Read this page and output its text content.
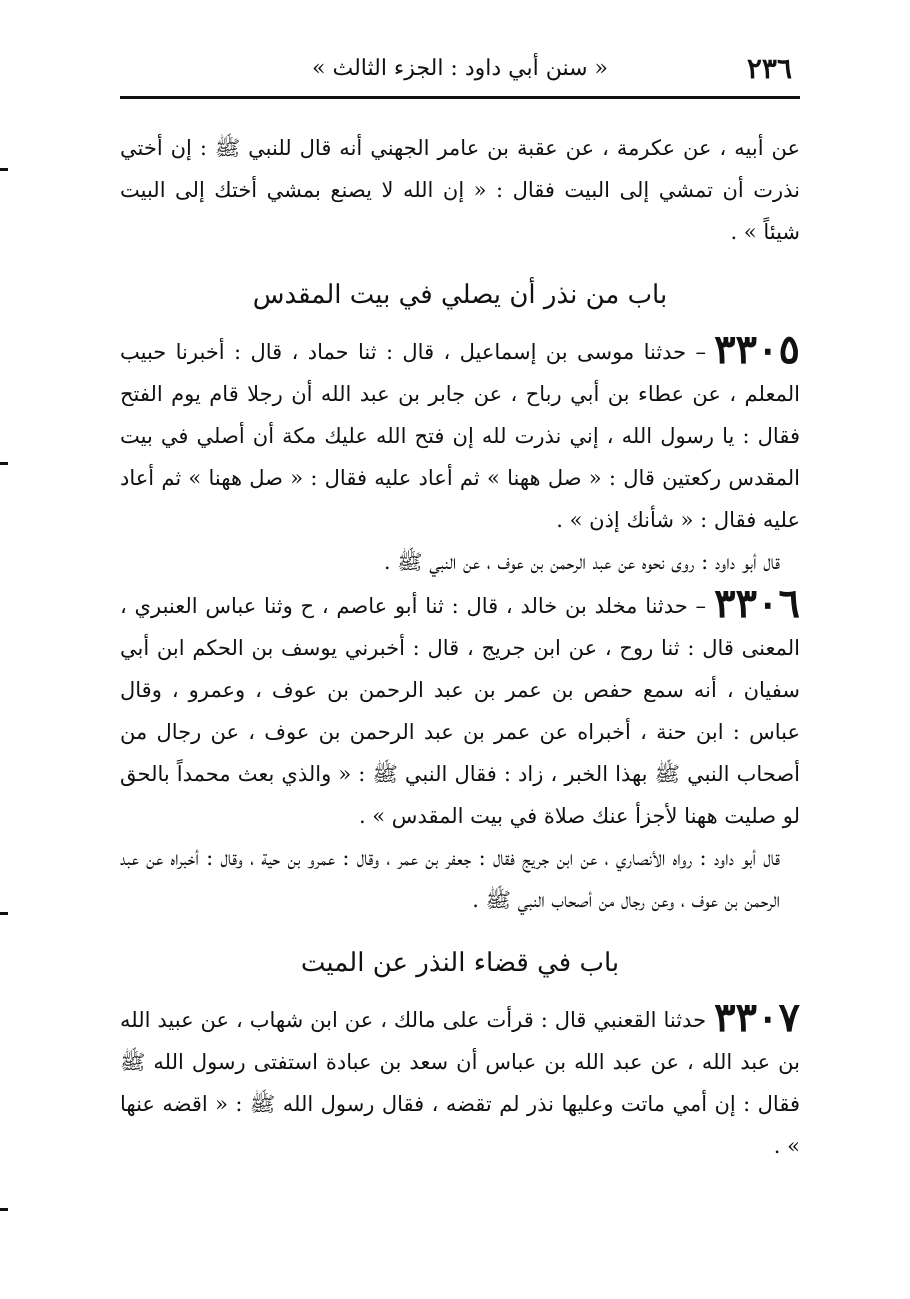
٢٣٦
« سنن أبي داود : الجزء الثالث »

عن أبيه ، عن عكرمة ، عن عقبة بن عامر الجهني أنه قال للنبي ﷺ : إن أختي نذرت أن تمشي إلى البيت فقال : « إن الله لا يصنع بمشي أختك إلى البيت شيئاً » .

باب من نذر أن يصلي في بيت المقدس

٣٣٠٥– حدثنا موسى بن إسماعيل ، قال : ثنا حماد ، قال : أخبرنا حبيب المعلم ، عن عطاء بن أبي رباح ، عن جابر بن عبد الله أن رجلا قام يوم الفتح فقال : يا رسول الله ، إني نذرت لله إن فتح الله عليك مكة أن أصلي في بيت المقدس ركعتين قال : « صل ههنا » ثم أعاد عليه فقال : « صل ههنا » ثم أعاد عليه فقال : « شأنك إذن » .

قال أبو داود : روى نحوه عن عبد الرحمن بن عوف ، عن النبي ﷺ .

٣٣٠٦– حدثنا مخلد بن خالد ، قال : ثنا أبو عاصم ، ح وثنا عباس العنبري ، المعنى قال : ثنا روح ، عن ابن جريج ، قال : أخبرني يوسف بن الحكم ابن أبي سفيان ، أنه سمع حفص بن عمر بن عبد الرحمن بن عوف ، وعمرو ، وقال عباس : ابن حنة ، أخبراه عن عمر بن عبد الرحمن بن عوف ، عن رجال من أصحاب النبي ﷺ بهذا الخبر ، زاد : فقال النبي ﷺ : « والذي بعث محمداً بالحق لو صليت ههنا لأجزأ عنك صلاة في بيت المقدس » .

قال أبو داود : رواه الأنصاري ، عن ابن جريج فقال : جعفر بن عمر ، وقال : عمرو بن حية ، وقال : أخبراه عن عبد الرحمن بن عوف ، وعن رجال من أصحاب النبي ﷺ .

باب في قضاء النذر عن الميت

٣٣٠٧حدثنا القعنبي قال : قرأت على مالك ، عن ابن شهاب ، عن عبيد الله بن عبد الله ، عن عبد الله بن عباس أن سعد بن عبادة استفتى رسول الله ﷺ فقال : إن أمي ماتت وعليها نذر لم تقضه ، فقال رسول الله ﷺ : « اقضه عنها » .
